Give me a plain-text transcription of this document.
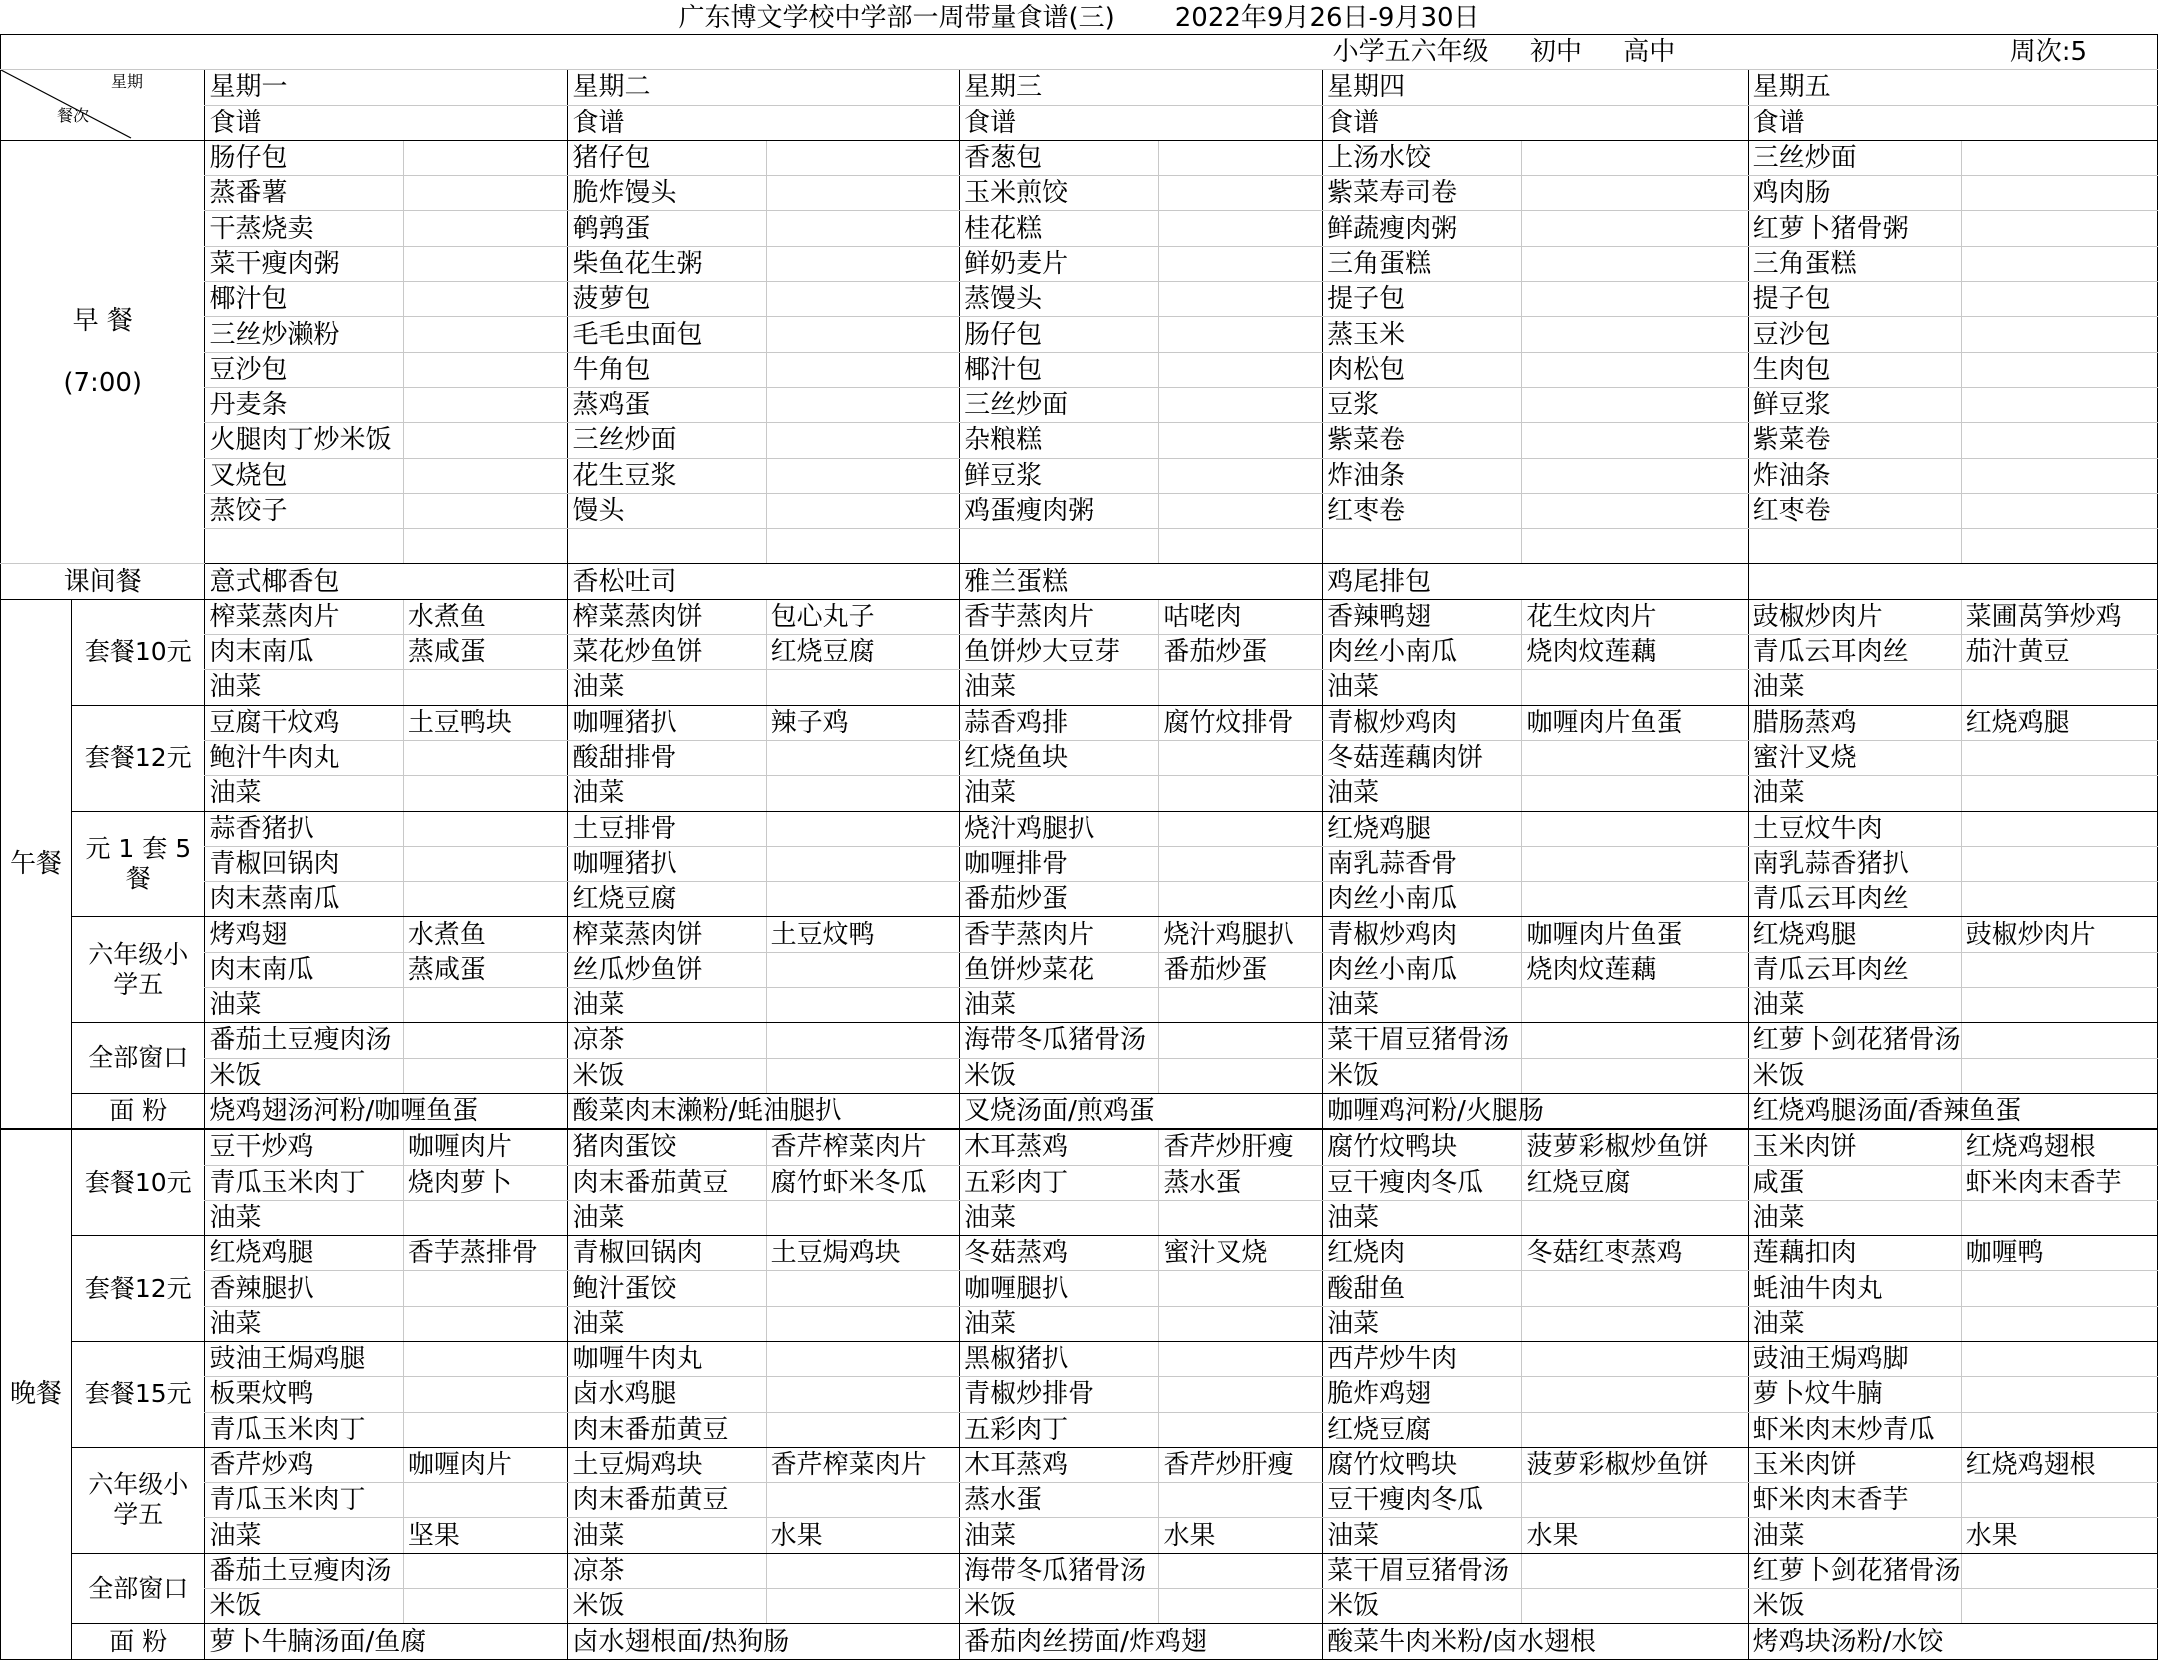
广东博文学校中学部一周带量食谱(三) 2022年9月26日-9月30日
								小学五六年级 初中 高中			周次:5

星期
餐次		星期一		星期二		星期三		星期四		星期五	
		食谱		食谱		食谱		食谱		食谱	

早 餐
(7:00)		肠仔包		猪仔包		香葱包		上汤水饺		三丝炒面	
		蒸番薯		脆炸馒头		玉米煎饺		紫菜寿司卷		鸡肉肠	
		干蒸烧卖		鹌鹑蛋		桂花糕		鲜蔬瘦肉粥		红萝卜猪骨粥	
		菜干瘦肉粥		柴鱼花生粥		鲜奶麦片		三角蛋糕		三角蛋糕	
		椰汁包		菠萝包		蒸馒头		提子包		提子包	
		三丝炒濑粉		毛毛虫面包		肠仔包		蒸玉米		豆沙包	
		豆沙包		牛角包		椰汁包		肉松包		生肉包	
		丹麦条		蒸鸡蛋		三丝炒面		豆浆		鲜豆浆	
		火腿肉丁炒米饭		三丝炒面		杂粮糕		紫菜卷		紫菜卷	
		叉烧包		花生豆浆		鲜豆浆		炸油条		炸油条	
		蒸饺子		馒头		鸡蛋瘦肉粥		红枣卷		红枣卷	

课间餐		意式椰香包		香松吐司		雅兰蛋糕		鸡尾排包			
午餐	套餐10元	榨菜蒸肉片	水煮鱼	榨菜蒸肉饼	包心丸子	香芋蒸肉片	咕咾肉	香辣鸭翅	花生炆肉片	豉椒炒肉片	菜圃莴笋炒鸡
		肉末南瓜	蒸咸蛋	菜花炒鱼饼	红烧豆腐	鱼饼炒大豆芽	番茄炒蛋	肉丝小南瓜	烧肉炆莲藕	青瓜云耳肉丝	茄汁黄豆
		油菜		油菜		油菜		油菜		油菜	
	套餐12元	豆腐干炆鸡	土豆鸭块	咖喱猪扒	辣子鸡	蒜香鸡排	腐竹炆排骨	青椒炒鸡肉	咖喱肉片鱼蛋	腊肠蒸鸡	红烧鸡腿
		鲍汁牛肉丸		酸甜排骨		红烧鱼块		冬菇莲藕肉饼		蜜汁叉烧	
		油菜		油菜		油菜		油菜		油菜	
	元 1 套 5 餐	蒜香猪扒		土豆排骨		烧汁鸡腿扒		红烧鸡腿		土豆炆牛肉	
		青椒回锅肉		咖喱猪扒		咖喱排骨		南乳蒜香骨		南乳蒜香猪扒	
		肉末蒸南瓜		红烧豆腐		番茄炒蛋		肉丝小南瓜		青瓜云耳肉丝	
	六年级小学五	烤鸡翅	水煮鱼	榨菜蒸肉饼	土豆炆鸭	香芋蒸肉片	烧汁鸡腿扒	青椒炒鸡肉	咖喱肉片鱼蛋	红烧鸡腿	豉椒炒肉片
		肉末南瓜	蒸咸蛋	丝瓜炒鱼饼		鱼饼炒菜花	番茄炒蛋	肉丝小南瓜	烧肉炆莲藕	青瓜云耳肉丝	
		油菜		油菜		油菜		油菜		油菜	
	全部窗口	番茄土豆瘦肉汤		凉茶		海带冬瓜猪骨汤		菜干眉豆猪骨汤		红萝卜剑花猪骨汤	
		米饭		米饭		米饭		米饭		米饭	
	面 粉	烧鸡翅汤河粉/咖喱鱼蛋		酸菜肉末濑粉/蚝油腿扒		叉烧汤面/煎鸡蛋		咖喱鸡河粉/火腿肠		红烧鸡腿汤面/香辣鱼蛋	
晚餐	套餐10元	豆干炒鸡	咖喱肉片	猪肉蛋饺	香芹榨菜肉片	木耳蒸鸡	香芹炒肝瘦	腐竹炆鸭块	菠萝彩椒炒鱼饼	玉米肉饼	红烧鸡翅根
		青瓜玉米肉丁	烧肉萝卜	肉末番茄黄豆	腐竹虾米冬瓜	五彩肉丁	蒸水蛋	豆干瘦肉冬瓜	红烧豆腐	咸蛋	虾米肉末香芋
		油菜		油菜		油菜		油菜		油菜	
	套餐12元	红烧鸡腿	香芋蒸排骨	青椒回锅肉	土豆焗鸡块	冬菇蒸鸡	蜜汁叉烧	红烧肉	冬菇红枣蒸鸡	莲藕扣肉	咖喱鸭
		香辣腿扒		鲍汁蛋饺		咖喱腿扒		酸甜鱼		蚝油牛肉丸	
		油菜		油菜		油菜		油菜		油菜	
	套餐15元	豉油王焗鸡腿		咖喱牛肉丸		黑椒猪扒		西芹炒牛肉		豉油王焗鸡脚	
		板栗炆鸭		卤水鸡腿		青椒炒排骨		脆炸鸡翅		萝卜炆牛腩	
		青瓜玉米肉丁		肉末番茄黄豆		五彩肉丁		红烧豆腐		虾米肉末炒青瓜	
	六年级小学五	香芹炒鸡	咖喱肉片	土豆焗鸡块	香芹榨菜肉片	木耳蒸鸡	香芹炒肝瘦	腐竹炆鸭块	菠萝彩椒炒鱼饼	玉米肉饼	红烧鸡翅根
		青瓜玉米肉丁		肉末番茄黄豆		蒸水蛋		豆干瘦肉冬瓜		虾米肉末香芋	
		油菜	坚果	油菜	水果	油菜	水果	油菜	水果	油菜	水果
	全部窗口	番茄土豆瘦肉汤		凉茶		海带冬瓜猪骨汤		菜干眉豆猪骨汤		红萝卜剑花猪骨汤	
		米饭		米饭		米饭		米饭		米饭	
	面 粉	萝卜牛腩汤面/鱼腐		卤水翅根面/热狗肠		番茄肉丝捞面/炸鸡翅		酸菜牛肉米粉/卤水翅根		烤鸡块汤粉/水饺	
